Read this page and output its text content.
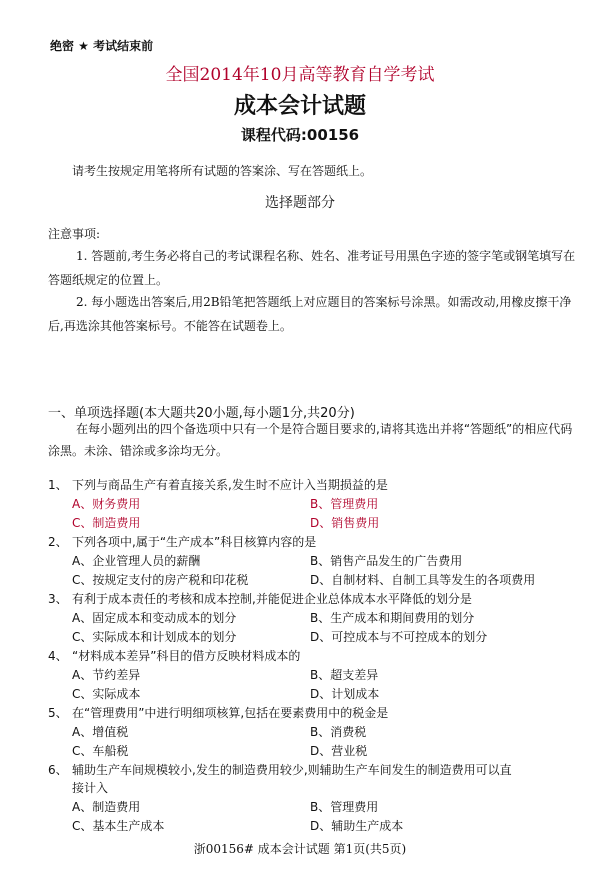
绝密 ★ 考试结束前
全国2014年10月高等教育自学考试
成本会计试题
课程代码:00156
请考生按规定用笔将所有试题的答案涂、写在答题纸上。
选择题部分
注意事项:
1. 答题前,考生务必将自己的考试课程名称、姓名、准考证号用黑色字迹的签字笔或钢笔填写在答题纸规定的位置上。
2. 每小题选出答案后,用2B铅笔把答题纸上对应题目的答案标号涂黑。如需改动,用橡皮擦干净后,再选涂其他答案标号。不能答在试题卷上。
一、单项选择题(本大题共20小题,每小题1分,共20分)
在每小题列出的四个备选项中只有一个是符合题目要求的,请将其选出并将“答题纸”的相应代码涂黑。未涂、错涂或多涂均无分。
1、 下列与商品生产有着直接关系,发生时不应计入当期损益的是
A、财务费用	B、管理费用
C、制造费用	D、销售费用
2、 下列各项中,属于“生产成本”科目核算内容的是
A、企业管理人员的薪酬	B、销售产品发生的广告费用
C、按规定支付的房产税和印花税	D、自制材料、自制工具等发生的各项费用
3、 有利于成本责任的考核和成本控制,并能促进企业总体成本水平降低的划分是
A、固定成本和变动成本的划分	B、生产成本和期间费用的划分
C、实际成本和计划成本的划分	D、可控成本与不可控成本的划分
4、 “材料成本差异”科目的借方反映材料成本的
A、节约差异	B、超支差异
C、实际成本	D、计划成本
5、 在“管理费用”中进行明细项核算,包括在要素费用中的税金是
A、增值税	B、消费税
C、车船税	D、营业税
6、 辅助生产车间规模较小,发生的制造费用较少,则辅助生产车间发生的制造费用可以直
接计入
A、制造费用	B、管理费用
C、基本生产成本	D、辅助生产成本
浙00156# 成本会计试题 第1页(共5页)
